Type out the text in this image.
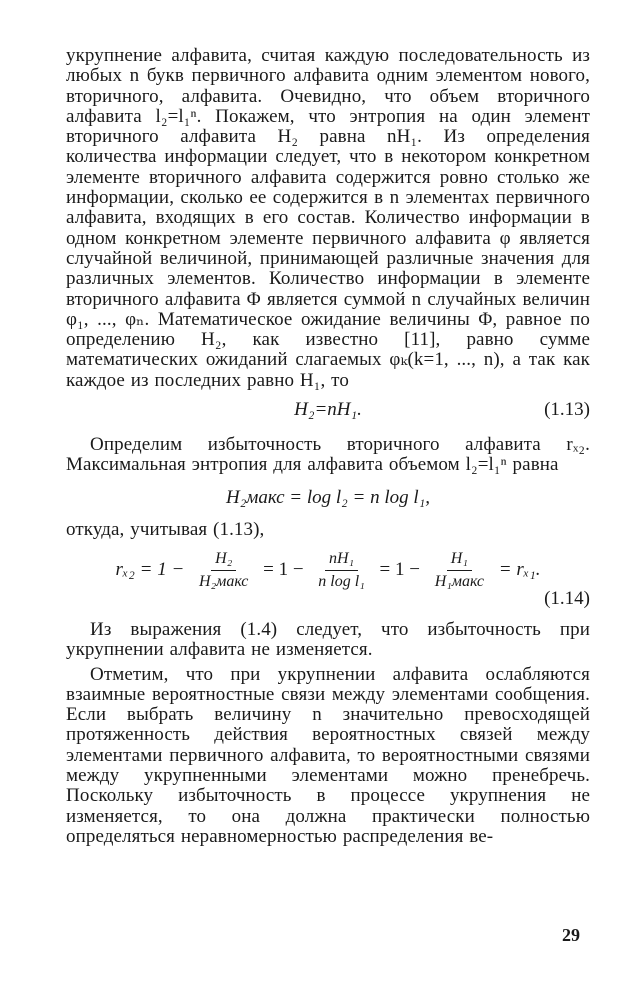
укрупнение алфавита, считая каждую последовательность из любых n букв первичного алфавита одним элементом нового, вторичного, алфавита. Очевидно, что объем вторичного алфавита l₂=l₁ⁿ. Покажем, что энтропия на один элемент вторичного алфавита H₂ равна nH₁. Из определения количества информации следует, что в некотором конкретном элементе вторичного алфавита содержится ровно столько же информации, сколько ее содержится в n элементах первичного алфавита, входящих в его состав. Количество информации в одном конкретном элементе первичного алфавита φ является случайной величиной, принимающей различные значения для различных элементов. Количество информации в элементе вторичного алфавита Φ является суммой n случайных величин φ₁, ..., φₙ. Математическое ожидание величины Φ, равное по определению H₂, как известно [11], равно сумме математических ожиданий слагаемых φₖ(k=1, ..., n), а так как каждое из последних равно H₁, то

H₂=nH₁.	(1.13)

Определим избыточность вторичного алфавита rₓ₂. Максимальная энтропия для алфавита объемом l₂=l₁ⁿ равна

H₂макс = log l₂ = n log l₁,

откуда, учитывая (1.13),

$r_{x2} = 1 - \frac{\text{H₂}}{\text{H₂макс}} = 1 - \frac{\text{nH₁}}{\text{n log l₁}} = 1 - \frac{\text{H₁}}{\text{H₁макс}} = r_{x1}$.
(1.14)

Из выражения (1.4) следует, что избыточность при укрупнении алфавита не изменяется.

Отметим, что при укрупнении алфавита ослабляются взаимные вероятностные связи между элементами сообщения. Если выбрать величину n значительно превосходящей протяженность действия вероятностных связей между элементами первичного алфавита, то вероятностными связями между укрупненными элементами можно пренебречь. Поскольку избыточность в процессе укрупнения не изменяется, то она должна практически полностью определяться неравномерностью распределения ве-

29
